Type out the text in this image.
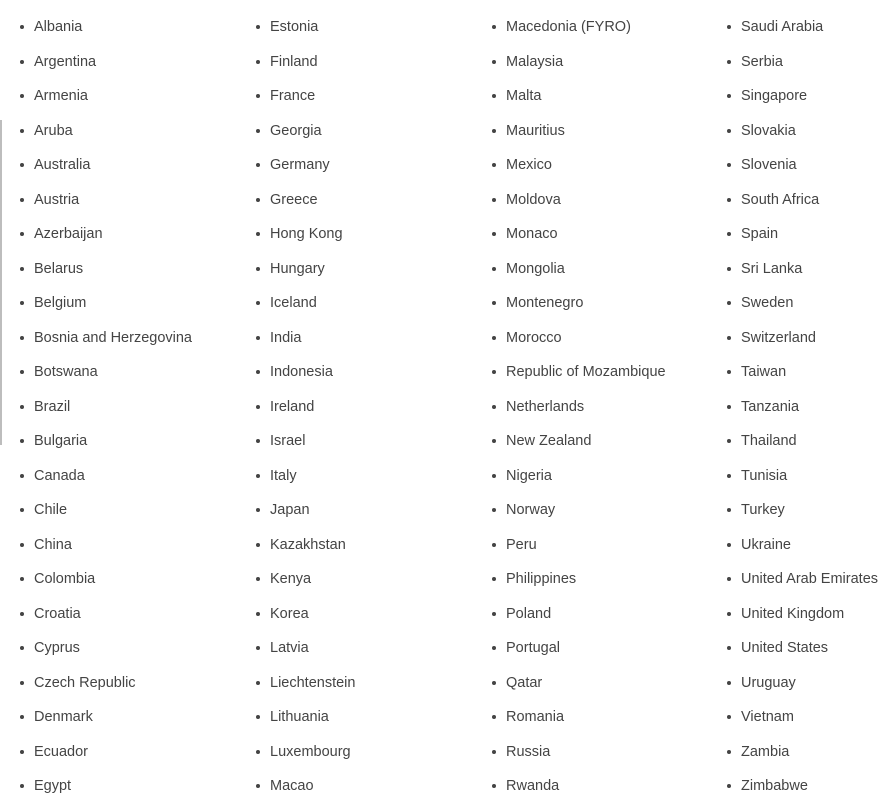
Albania
Argentina
Armenia
Aruba
Australia
Austria
Azerbaijan
Belarus
Belgium
Bosnia and Herzegovina
Botswana
Brazil
Bulgaria
Canada
Chile
China
Colombia
Croatia
Cyprus
Czech Republic
Denmark
Ecuador
Egypt
Estonia
Finland
France
Georgia
Germany
Greece
Hong Kong
Hungary
Iceland
India
Indonesia
Ireland
Israel
Italy
Japan
Kazakhstan
Kenya
Korea
Latvia
Liechtenstein
Lithuania
Luxembourg
Macao
Macedonia (FYRO)
Malaysia
Malta
Mauritius
Mexico
Moldova
Monaco
Mongolia
Montenegro
Morocco
Republic of Mozambique
Netherlands
New Zealand
Nigeria
Norway
Peru
Philippines
Poland
Portugal
Qatar
Romania
Russia
Rwanda
Saudi Arabia
Serbia
Singapore
Slovakia
Slovenia
South Africa
Spain
Sri Lanka
Sweden
Switzerland
Taiwan
Tanzania
Thailand
Tunisia
Turkey
Ukraine
United Arab Emirates
United Kingdom
United States
Uruguay
Vietnam
Zambia
Zimbabwe
